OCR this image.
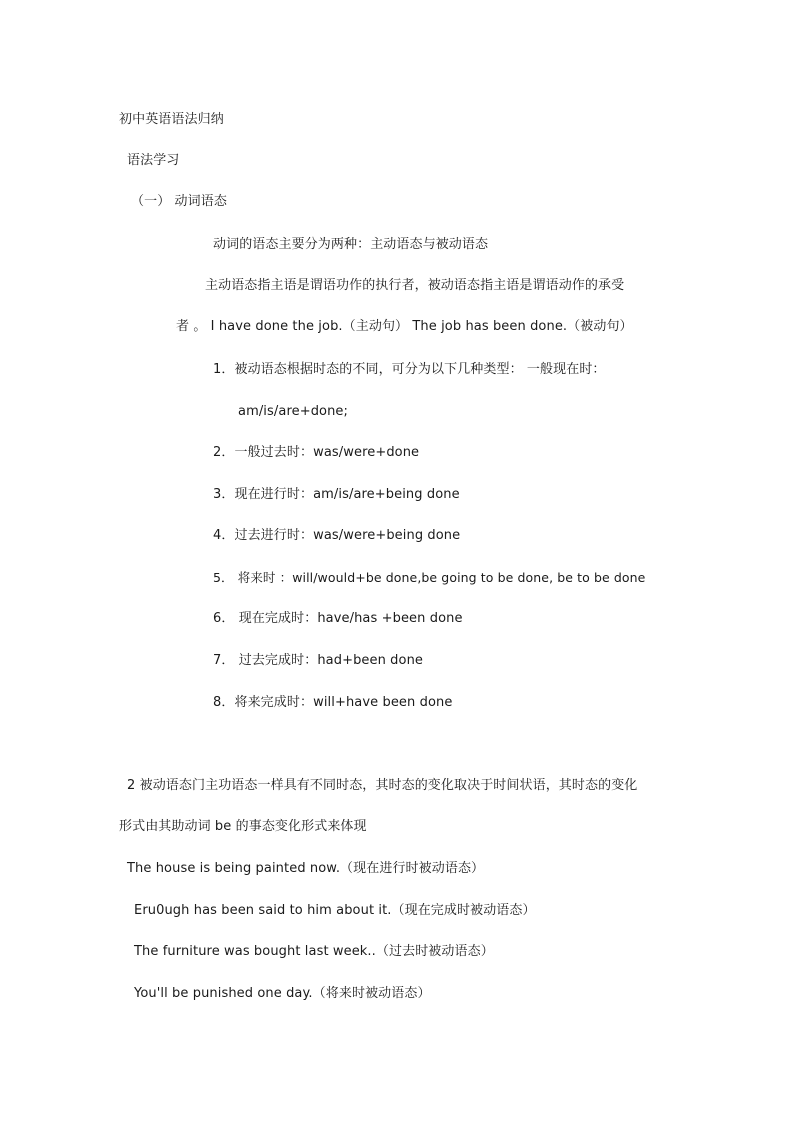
初中英语语法归纳
语法学习
（一） 动词语态
动词的语态主要分为两种：主动语态与被动语态
主动语态指主语是谓语功作的执行者，被动语态指主语是谓语动作的承受
者 。 I have done the job.（主动句） The job has been done.（被动句）
1．被动语态根据时态的不同，可分为以下几种类型： 一般现在时：
am/is/are+done;
2．一般过去时：was/were+done
3．现在进行时：am/is/are+being done
4．过去进行时：was/were+being done
5． 将来时 ：will/would+be done,be going to be done, be to be done
6． 现在完成时：have/has +been done
7． 过去完成时：had+been done
8．将来完成时：will+have been done
2 被动语态门主功语态一样具有不同时态，其时态的变化取决于时间状语，其时态的变化
形式由其助动词 be 的事态变化形式来体现
The house is being painted now.（现在进行时被动语态）
Eru0ugh has been said to him about it.（现在完成时被动语态）
The furniture was bought last week..（过去时被动语态）
You'll be punished one day.（将来时被动语态）
